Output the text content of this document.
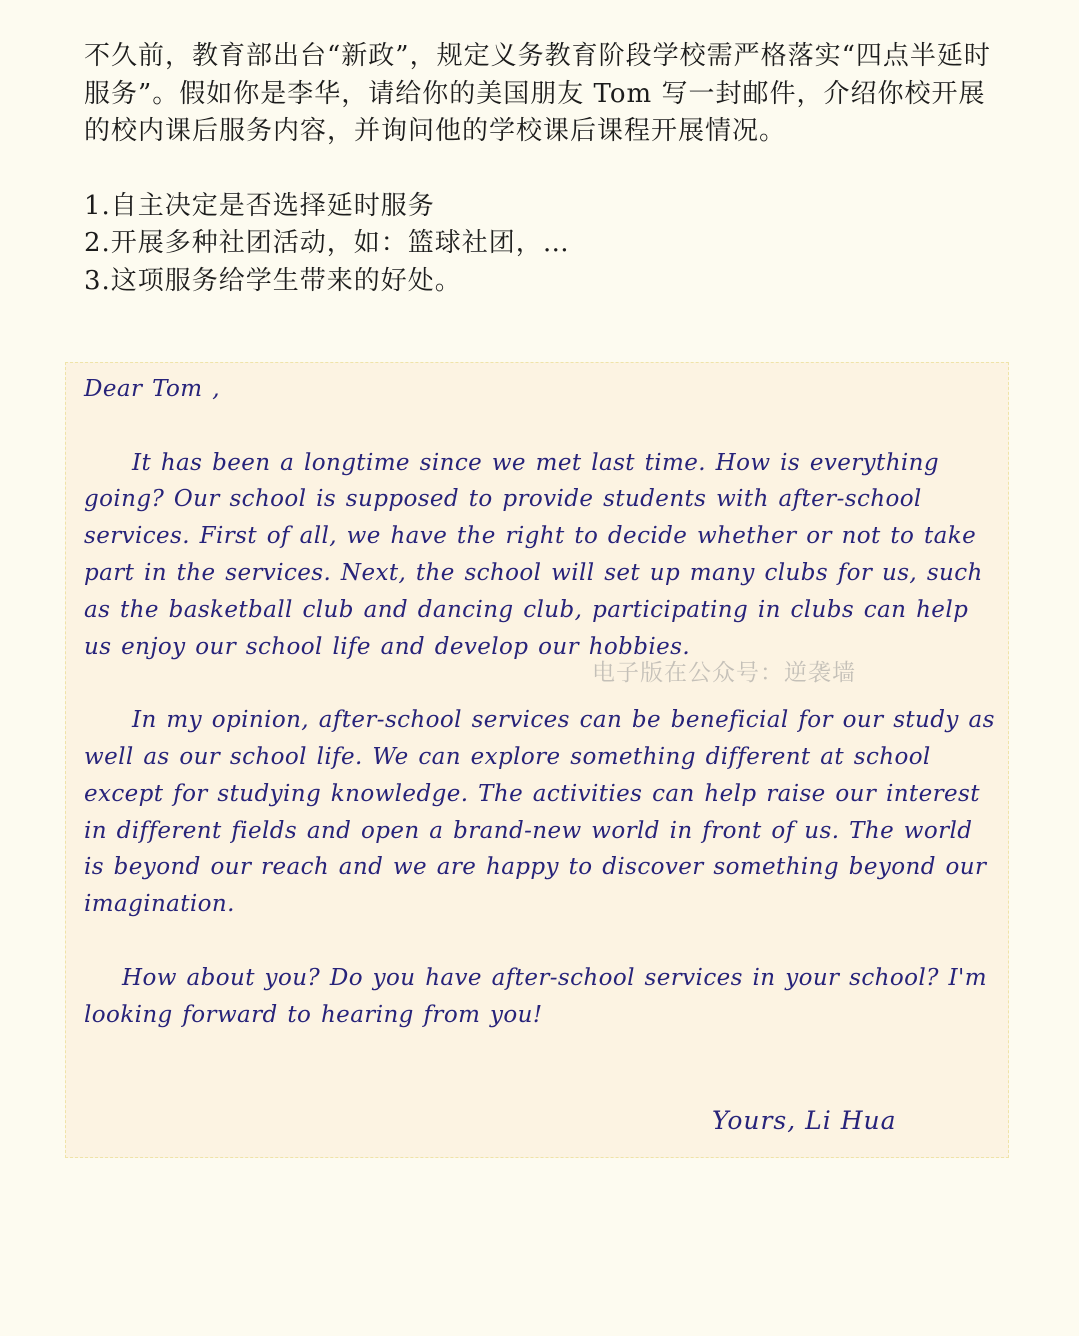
不久前，教育部出台“新政”，规定义务教育阶段学校需严格落实“四点半延时服务”。假如你是李华，请给你的美国朋友 Tom 写一封邮件，介绍你校开展的校内课后服务内容，并询问他的学校课后课程开展情况。

1.自主决定是否选择延时服务
2.开展多种社团活动，如：篮球社团，…
3.这项服务给学生带来的好处。

Dear Tom ,

It has been a longtime since we met last time. How is everything going? Our school is supposed to provide students with after-school services. First of all, we have the right to decide whether or not to take part in the services. Next, the school will set up many clubs for us, such as the basketball club and dancing club, participating in clubs can help us enjoy our school life and develop our hobbies.

In my opinion, after-school services can be beneficial for our study as well as our school life. We can explore something different at school except for studying knowledge. The activities can help raise our interest in different fields and open a brand-new world in front of us. The world is beyond our reach and we are happy to discover something beyond our imagination.

How about you? Do you have after-school services in your school? I'm looking forward to hearing from you!

Yours, Li Hua
电子版在公众号：逆袭墙
